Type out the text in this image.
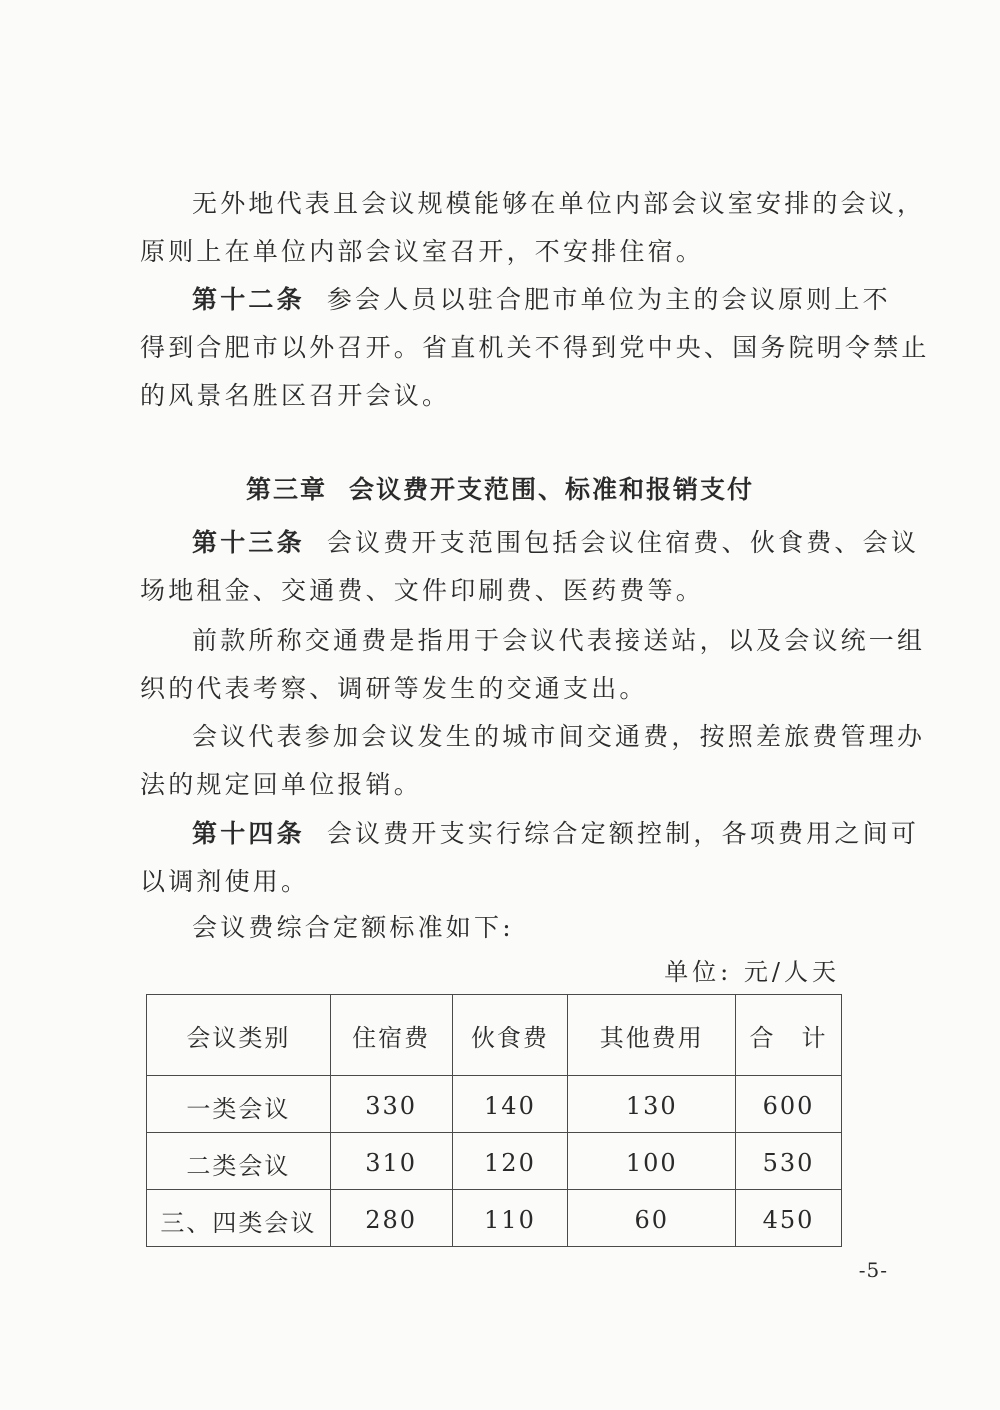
无外地代表且会议规模能够在单位内部会议室安排的会议，
原则上在单位内部会议室召开，不安排住宿。
第十二条 参会人员以驻合肥市单位为主的会议原则上不
得到合肥市以外召开。省直机关不得到党中央、国务院明令禁止
的风景名胜区召开会议。
第三章 会议费开支范围、标准和报销支付
第十三条 会议费开支范围包括会议住宿费、伙食费、会议
场地租金、交通费、文件印刷费、医药费等。
前款所称交通费是指用于会议代表接送站，以及会议统一组
织的代表考察、调研等发生的交通支出。
会议代表参加会议发生的城市间交通费，按照差旅费管理办
法的规定回单位报销。
第十四条 会议费开支实行综合定额控制，各项费用之间可
以调剂使用。
会议费综合定额标准如下:
单位: 元/人天
会议类别	住宿费	伙食费	其他费用	合　计
一类会议	330	140	130	600
二类会议	310	120	100	530
三、四类会议	280	110	60	450
-5-
